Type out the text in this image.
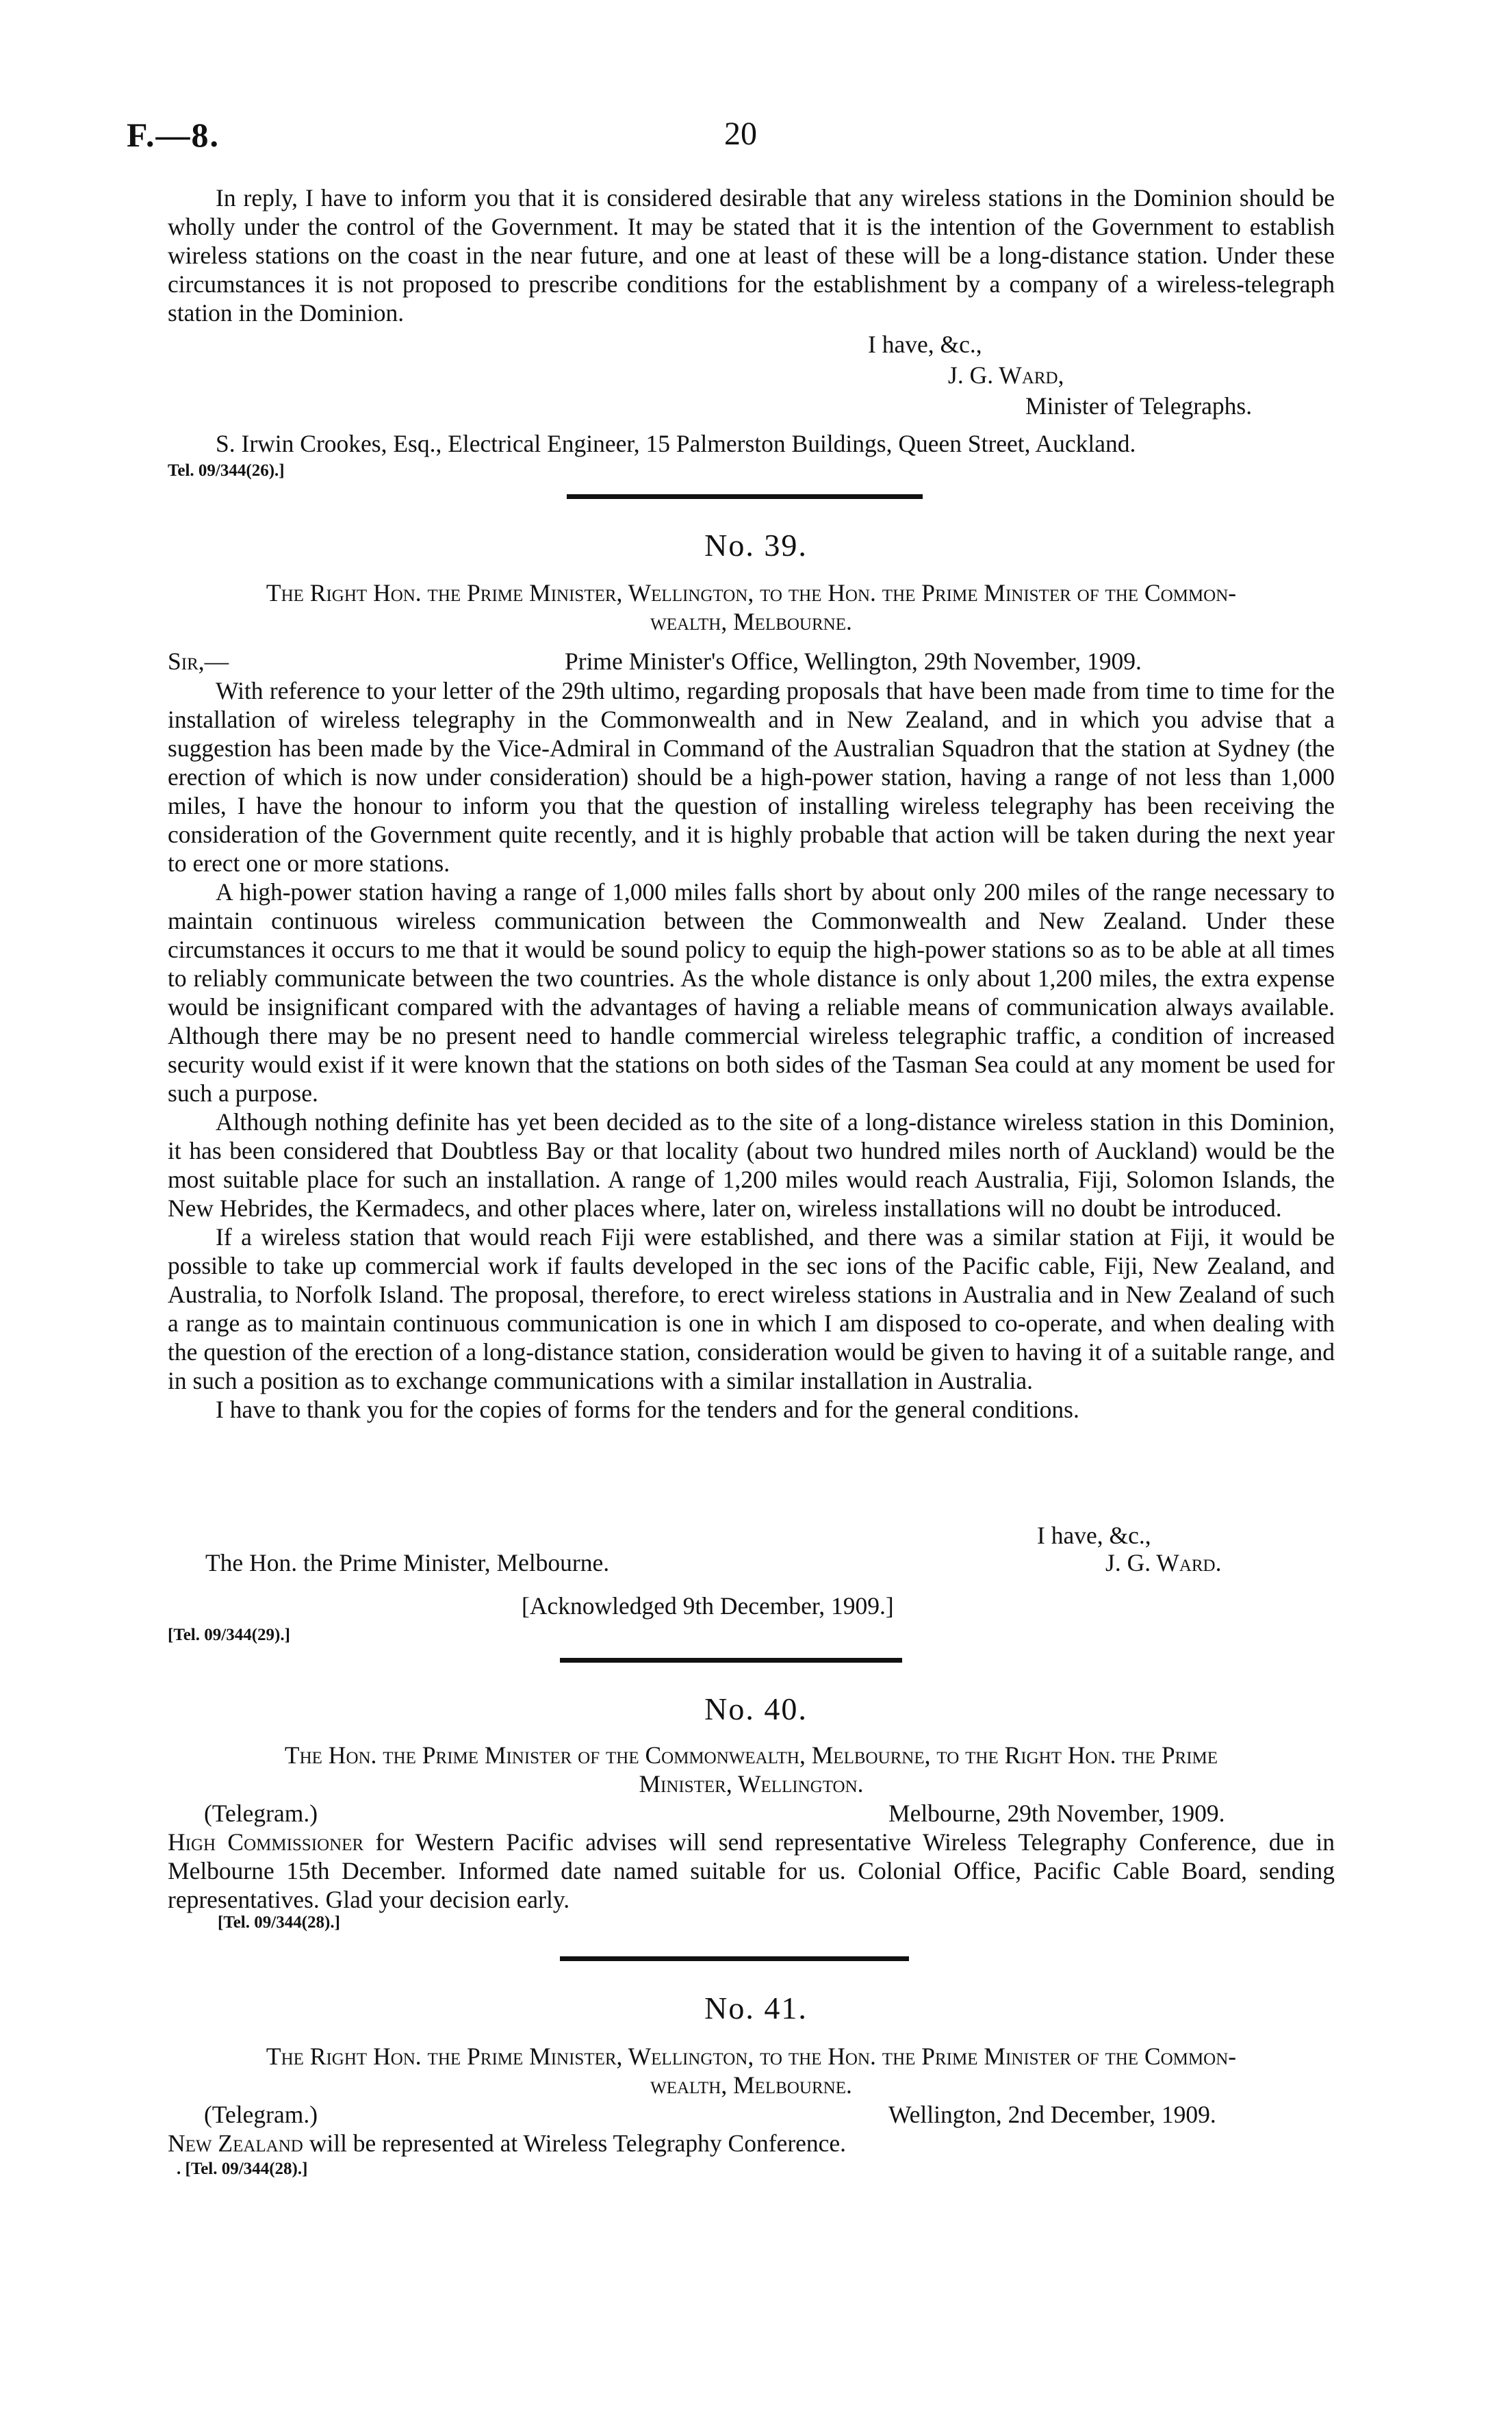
F.—8.	20

In reply, I have to inform you that it is considered desirable that any wireless stations in the Dominion should be wholly under the control of the Government. It may be stated that it is the intention of the Government to establish wireless stations on the coast in the near future, and one at least of these will be a long-distance station. Under these circumstances it is not proposed to prescribe conditions for the establishment by a company of a wireless-telegraph station in the Dominion.

I have, &c.,
J. G. Ward,
Minister of Telegraphs.
S. Irwin Crookes, Esq., Electrical Engineer, 15 Palmerston Buildings, Queen Street, Auckland.
Tel. 09/344(26).]
No. 39.

The Right Hon. the Prime Minister, Wellington, to the Hon. the Prime Minister of the Common-

wealth, Melbourne.

Sir,—	Prime Minister's Office, Wellington, 29th November, 1909.

With reference to your letter of the 29th ultimo, regarding proposals that have been made from time to time for the installation of wireless telegraphy in the Commonwealth and in New Zealand, and in which you advise that a suggestion has been made by the Vice-Admiral in Command of the Australian Squadron that the station at Sydney (the erection of which is now under consideration) should be a high-power station, having a range of not less than 1,000 miles, I have the honour to inform you that the question of installing wireless telegraphy has been receiving the consideration of the Government quite recently, and it is highly probable that action will be taken during the next year to erect one or more stations.

A high-power station having a range of 1,000 miles falls short by about only 200 miles of the range necessary to maintain continuous wireless communication between the Commonwealth and New Zealand. Under these circumstances it occurs to me that it would be sound policy to equip the high-power stations so as to be able at all times to reliably communicate between the two countries. As the whole distance is only about 1,200 miles, the extra expense would be insignificant compared with the advantages of having a reliable means of communication always available. Although there may be no present need to handle commercial wireless telegraphic traffic, a condition of increased security would exist if it were known that the stations on both sides of the Tasman Sea could at any moment be used for such a purpose.

Although nothing definite has yet been decided as to the site of a long-distance wireless station in this Dominion, it has been considered that Doubtless Bay or that locality (about two hundred miles north of Auckland) would be the most suitable place for such an installation. A range of 1,200 miles would reach Australia, Fiji, Solomon Islands, the New Hebrides, the Kermadecs, and other places where, later on, wireless installations will no doubt be introduced.

If a wireless station that would reach Fiji were established, and there was a similar station at Fiji, it would be possible to take up commercial work if faults developed in the sec ions of the Pacific cable, Fiji, New Zealand, and Australia, to Norfolk Island. The proposal, therefore, to erect wireless stations in Australia and in New Zealand of such a range as to maintain continuous communication is one in which I am disposed to co-operate, and when dealing with the question of the erection of a long-distance station, consideration would be given to having it of a suitable range, and in such a position as to exchange communications with a similar installation in Australia.

I have to thank you for the copies of forms for the tenders and for the general conditions.

I have, &c.,
The Hon. the Prime Minister, Melbourne.	J. G. Ward.
[Acknowledged 9th December, 1909.]
[Tel. 09/344(29).]
No. 40.

The Hon. the Prime Minister of the Commonwealth, Melbourne, to the Right Hon. the Prime

Minister, Wellington.

(Telegram.)	Melbourne, 29th November, 1909.

High Commissioner for Western Pacific advises will send representative Wireless Telegraphy Conference, due in Melbourne 15th December. Informed date named suitable for us. Colonial Office, Pacific Cable Board, sending representatives. Glad your decision early.

[Tel. 09/344(28).]
No. 41.

The Right Hon. the Prime Minister, Wellington, to the Hon. the Prime Minister of the Common-

wealth, Melbourne.

(Telegram.)	Wellington, 2nd December, 1909.

New Zealand will be represented at Wireless Telegraphy Conference.

. [Tel. 09/344(28).]
